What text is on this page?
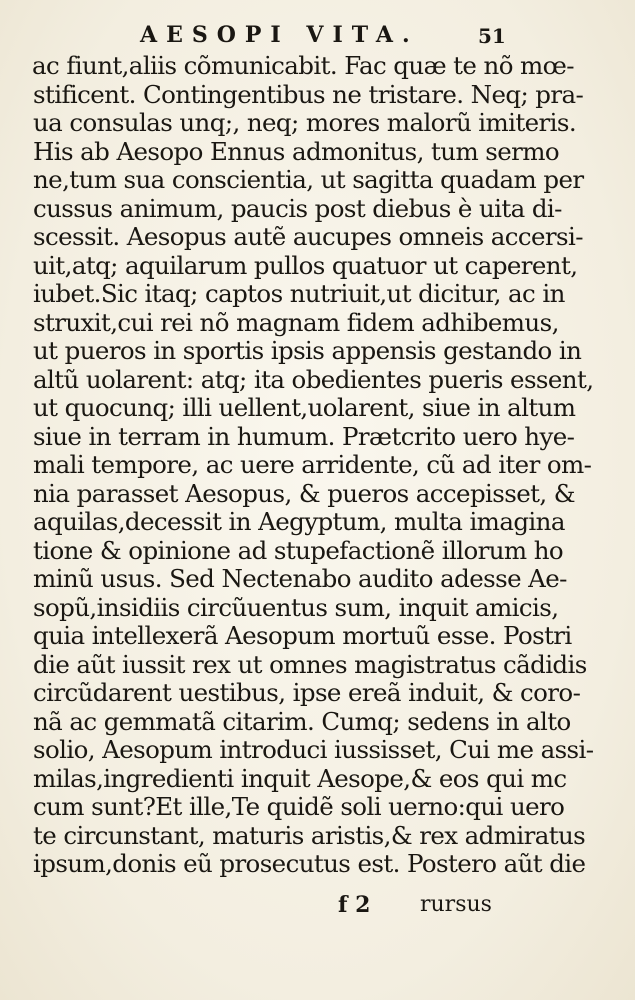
AESOPI VITA.	51
ac fiunt,aliis cõmunicabit. Fac quæ te nõ mœ-
stificent. Contingentibus ne tristare. Neq; pra-
ua consulas unq;, neq; mores malorũ imiteris.
His ab Aesopo Ennus admonitus, tum sermo
ne,tum sua conscientia, ut sagitta quadam per
cussus animum, paucis post diebus è uita di-
scessit. Aesopus autẽ aucupes omneis accersi-
uit,atq; aquilarum pullos quatuor ut caperent,
iubet.Sic itaq; captos nutriuit,ut dicitur, ac in
struxit,cui rei nõ magnam fidem adhibemus,
ut pueros in sportis ipsis appensis gestando in
altũ uolarent: atq; ita obedientes pueris essent,
ut quocunq; illi uellent,uolarent, siue in altum
siue in terram in humum. Prætcrito uero hye-
mali tempore, ac uere arridente, cũ ad iter om-
nia parasset Aesopus, & pueros accepisset, &
aquilas,decessit in Aegyptum, multa imagina
tione & opinione ad stupefactionẽ illorum ho
minũ usus. Sed Nectenabo audito adesse Ae-
sopũ,insidiis circũuentus sum, inquit amicis,
quia intellexerã Aesopum mortuũ esse. Postri
die aũt iussit rex ut omnes magistratus cãdidis
circũdarent uestibus, ipse ereã induit, & coro-
nã ac gemmatã citarim. Cumq; sedens in alto
solio, Aesopum introduci iussisset, Cui me assi-
milas,ingredienti inquit Aesope,& eos qui mc
cum sunt?Et ille,Te quidẽ soli uerno:qui uero
te circunstant, maturis aristis,& rex admiratus
ipsum,donis eũ prosecutus est. Postero aũt die
f 2 rursus
